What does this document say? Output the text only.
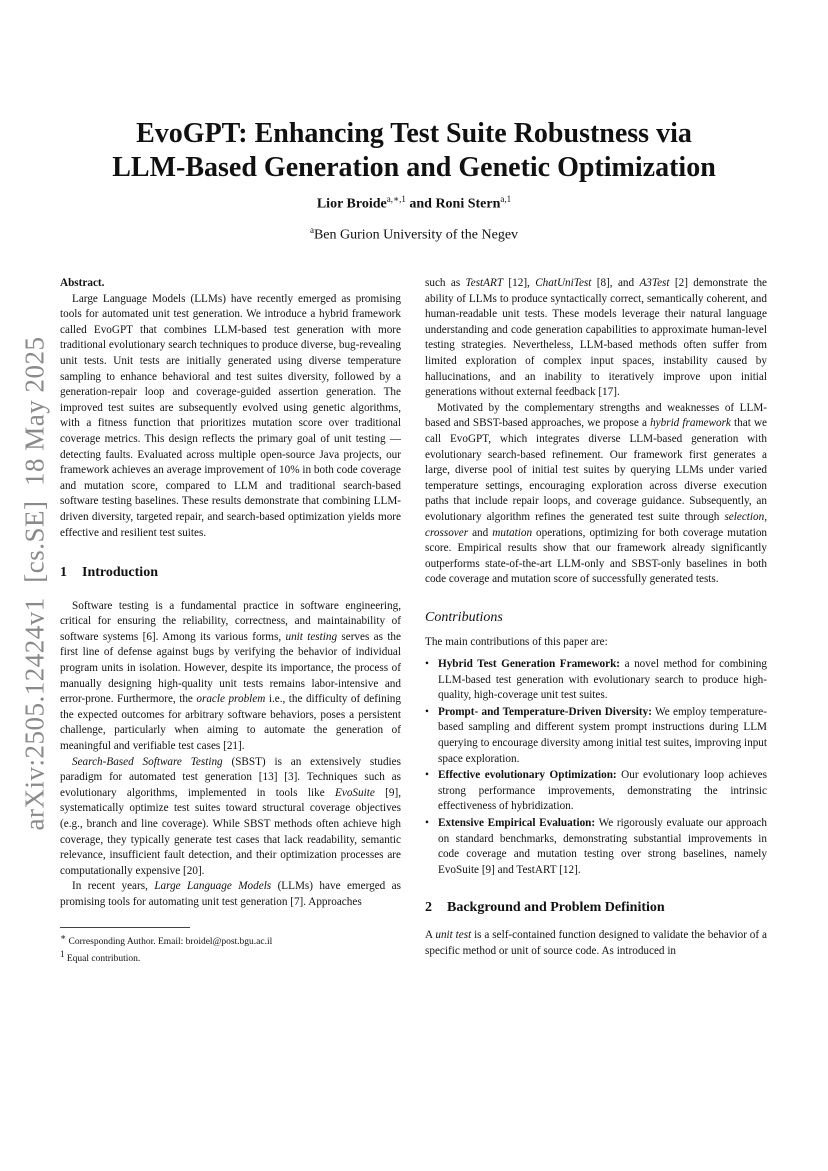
EvoGPT: Enhancing Test Suite Robustness via
LLM-Based Generation and Genetic Optimization
Lior Broide$^{a,∗,1}$ and Roni Stern$^{a,1}$
$^a$Ben Gurion University of the Negev
arXiv:2505.12424v1  [cs.SE]  18 May 2025
Abstract.

Large Language Models (LLMs) have recently emerged as promising tools for automated unit test generation. We introduce a hybrid framework called EvoGPT that combines LLM-based test generation with more traditional evolutionary search techniques to produce diverse, bug-revealing unit tests. Unit tests are initially generated using diverse temperature sampling to enhance behavioral and test suites diversity, followed by a generation-repair loop and coverage-guided assertion generation. The improved test suites are subsequently evolved using genetic algorithms, with a fitness function that prioritizes mutation score over traditional coverage metrics. This design reflects the primary goal of unit testing — detecting faults. Evaluated across multiple open-source Java projects, our framework achieves an average improvement of 10% in both code coverage and mutation score, compared to LLM and traditional search-based software testing baselines. These results demonstrate that combining LLM-driven diversity, targeted repair, and search-based optimization yields more effective and resilient test suites.

1 Introduction

Software testing is a fundamental practice in software engineering, critical for ensuring the reliability, correctness, and maintainability of software systems [6]. Among its various forms, unit testing serves as the first line of defense against bugs by verifying the behavior of individual program units in isolation. However, despite its importance, the process of manually designing high-quality unit tests remains labor-intensive and error-prone. Furthermore, the oracle problem i.e., the difficulty of defining the expected outcomes for arbitrary software behaviors, poses a persistent challenge, particularly when aiming to automate the generation of meaningful and verifiable test cases [21].

Search-Based Software Testing (SBST) is an extensively studies paradigm for automated test generation [13] [3]. Techniques such as evolutionary algorithms, implemented in tools like EvoSuite [9], systematically optimize test suites toward structural coverage objectives (e.g., branch and line coverage). While SBST methods often achieve high coverage, they typically generate test cases that lack readability, semantic relevance, insufficient fault detection, and their optimization processes are computationally expensive [20].

In recent years, Large Language Models (LLMs) have emerged as promising tools for automating unit test generation [7]. Approaches

∗ Corresponding Author. Email: broidel@post.bgu.ac.il
$^1$ Equal contribution.

such as TestART [12], ChatUniTest [8], and A3Test [2] demonstrate the ability of LLMs to produce syntactically correct, semantically coherent, and human-readable unit tests. These models leverage their natural language understanding and code generation capabilities to approximate human-level testing strategies. Nevertheless, LLM-based methods often suffer from limited exploration of complex input spaces, instability caused by hallucinations, and an inability to iteratively improve upon initial generations without external feedback [17].

Motivated by the complementary strengths and weaknesses of LLM-based and SBST-based approaches, we propose a hybrid framework that we call EvoGPT, which integrates diverse LLM-based generation with evolutionary search-based refinement. Our framework first generates a large, diverse pool of initial test suites by querying LLMs under varied temperature settings, encouraging exploration across diverse execution paths that include repair loops, and coverage guidance. Subsequently, an evolutionary algorithm refines the generated test suite through selection, crossover and mutation operations, optimizing for both coverage mutation score. Empirical results show that our framework already significantly outperforms state-of-the-art LLM-only and SBST-only baselines in both code coverage and mutation score of successfully generated tests.

Contributions

The main contributions of this paper are:

• Hybrid Test Generation Framework: a novel method for combining LLM-based test generation with evolutionary search to produce high-quality, high-coverage unit test suites.
• Prompt- and Temperature-Driven Diversity: We employ temperature-based sampling and different system prompt instructions during LLM querying to encourage diversity among initial test suites, improving input space exploration.
• Effective evolutionary Optimization: Our evolutionary loop achieves strong performance improvements, demonstrating the intrinsic effectiveness of hybridization.
• Extensive Empirical Evaluation: We rigorously evaluate our approach on standard benchmarks, demonstrating substantial improvements in code coverage and mutation testing over strong baselines, namely EvoSuite [9] and TestART [12].
2 Background and Problem Definition

A unit test is a self-contained function designed to validate the behavior of a specific method or unit of source code. As introduced in
